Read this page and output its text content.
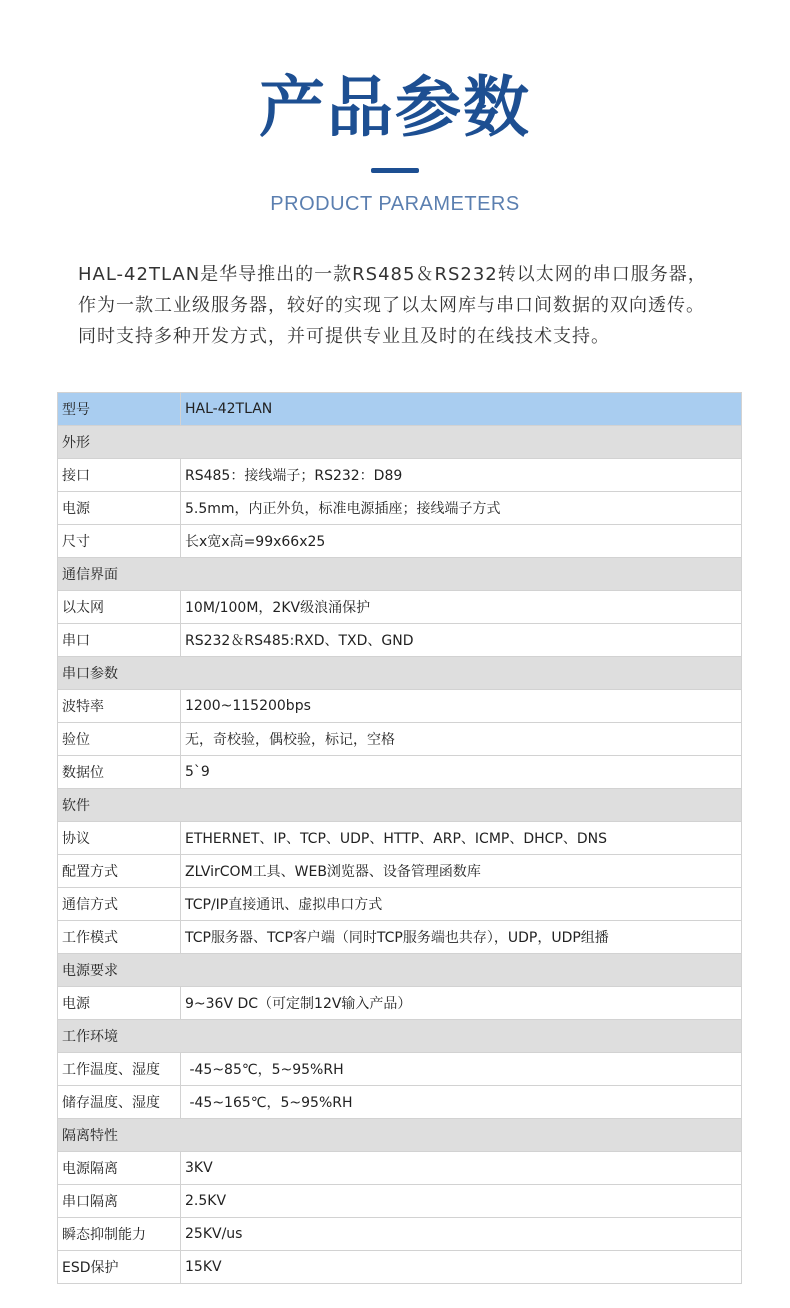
产品参数
PRODUCT PARAMETERS

HAL-42TLAN是华导推出的一款RS485＆RS232转以太网的串口服务器，

作为一款工业级服务器，较好的实现了以太网库与串口间数据的双向透传。

同时支持多种开发方式，并可提供专业且及时的在线技术支持。

型号	HAL-42TLAN
外形	
接口	RS485：接线端子；RS232：D89
电源	5.5mm，内正外负，标准电源插座；接线端子方式
尺寸	长x宽x高=99x66x25
通信界面	
以太网	10M/100M，2KV级浪涌保护
串口	RS232＆RS485:RXD、TXD、GND
串口参数	
波特率	1200~115200bps
验位	无，奇校验，偶校验，标记，空格
数据位	5`9
软件	
协议	ETHERNET、IP、TCP、UDP、HTTP、ARP、ICMP、DHCP、DNS
配置方式	ZLVirCOM工具、WEB浏览器、设备管理函数库
通信方式	TCP/IP直接通讯、虚拟串口方式
工作模式	TCP服务器、TCP客户端（同时TCP服务端也共存），UDP，UDP组播
电源要求	
电源	9~36V DC（可定制12V输入产品）
工作环境	
工作温度、湿度	-45~85℃，5~95%RH
储存温度、湿度	-45~165℃，5~95%RH
隔离特性	
电源隔离	3KV
串口隔离	2.5KV
瞬态抑制能力	25KV/us
ESD保护	15KV
